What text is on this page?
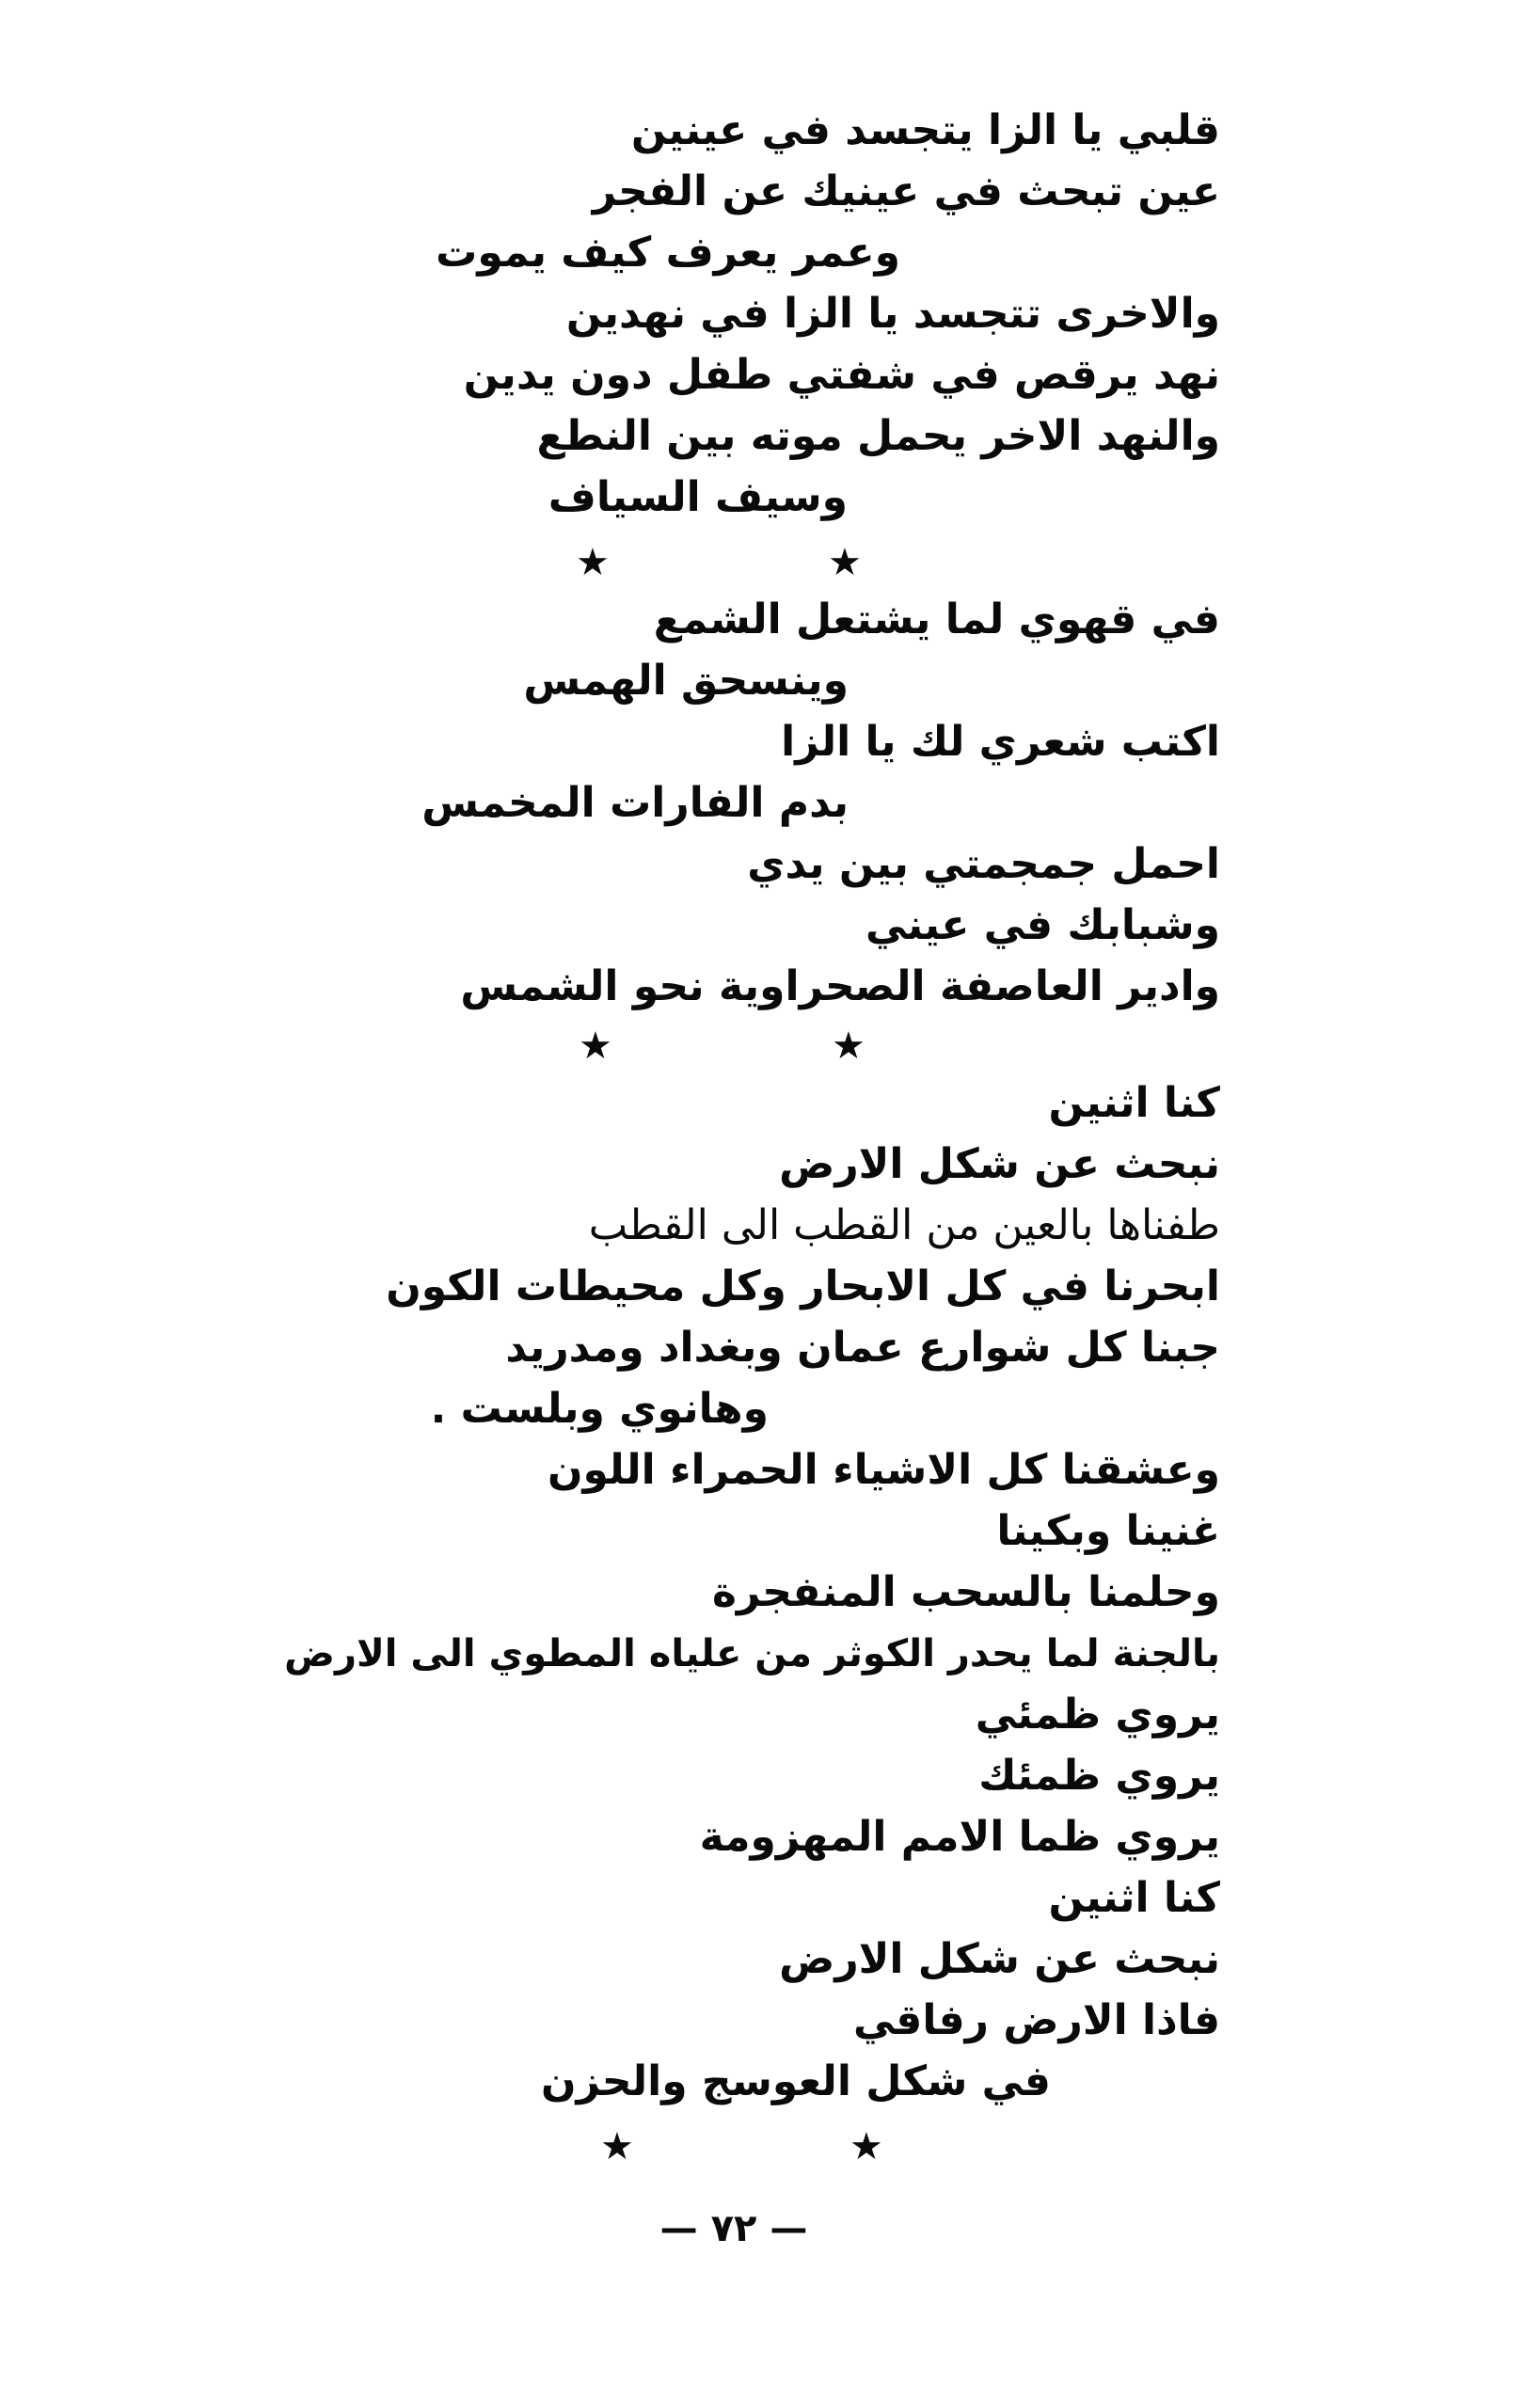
قلبي يا الزا يتجسد في عينين
عين تبحث في عينيك عن الفجر
وعمر يعرف كيف يموت
والاخرى تتجسد يا الزا في نهدين
نهد يرقص في شفتي طفل دون يدين
والنهد الاخر يحمل موته بين النطع
وسيف السياف
★	★
في قهوي لما يشتعل الشمع
وينسحق الهمس
اكتب شعري لك يا الزا
بدم الفارات المخمس
احمل جمجمتي بين يدي
وشبابك في عيني
وادير العاصفة الصحراوية نحو الشمس
★	★
كنا اثنين
نبحث عن شكل الارض
طفناها بالعين من القطب الى القطب
ابحرنا في كل الابحار وكل محيطات الكون
جبنا كل شوارع عمان وبغداد ومدريد
وهانوي وبلست .
وعشقنا كل الاشياء الحمراء اللون
غنينا وبكينا
وحلمنا بالسحب المنفجرة
بالجنة لما يحدر الكوثر من علياه المطوي الى الارض
يروي ظمئي
يروي ظمئك
يروي ظما الامم المهزومة
كنا اثنين
نبحث عن شكل الارض
فاذا الارض رفاقي
في شكل العوسج والحزن
★	★
— ٧٢ —
